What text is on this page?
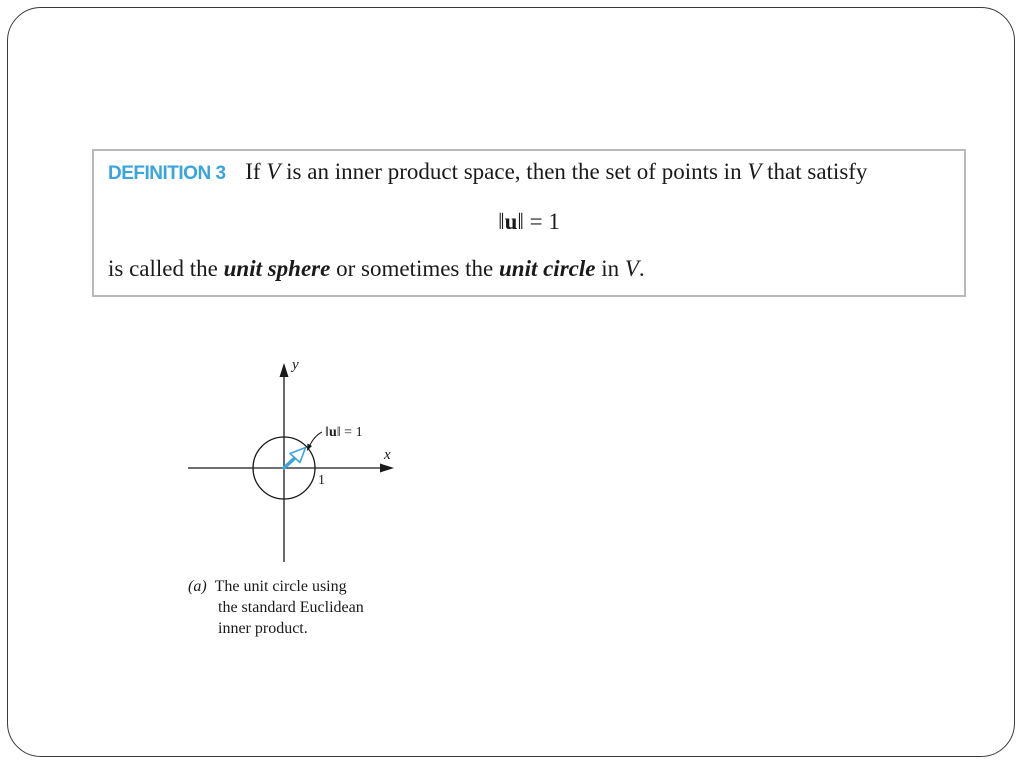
DEFINITION 3 If V is an inner product space, then the set of points in V that satisfy
‖u‖ = 1
is called the unit sphere or sometimes the unit circle in V.
y
x
1
‖u‖ = 1
(a) The unit circle using
the standard Euclidean
inner product.
